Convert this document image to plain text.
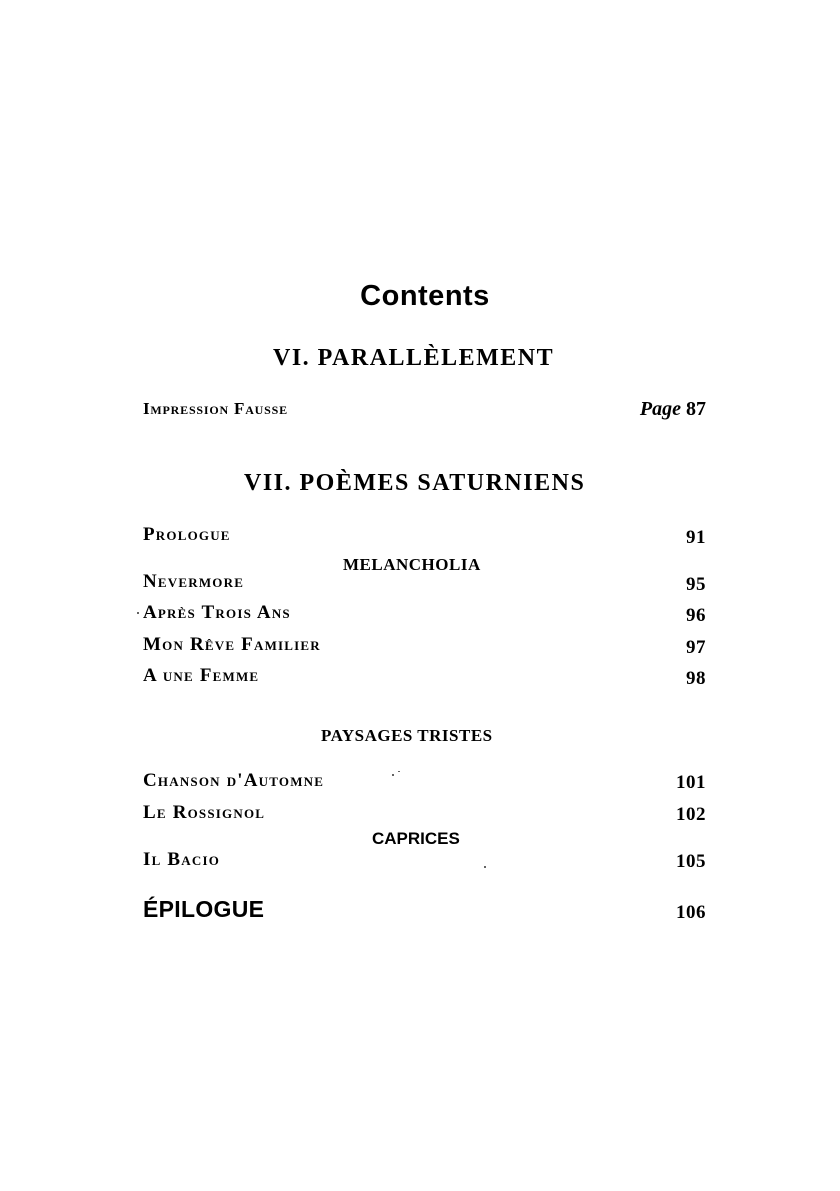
Contents
VI. PARALLÈLEMENT
Impression Fausse	Page 87
VII. POÈMES SATURNIENS
Prologue	91
MELANCHOLIA
Nevermore	95
Après Trois Ans	96
Mon Rêve Familier	97
A une Femme	98
PAYSAGES TRISTES
Chanson d'Automne	101
Le Rossignol	102
CAPRICES
Il Bacio	105
ÉPILOGUE	106
